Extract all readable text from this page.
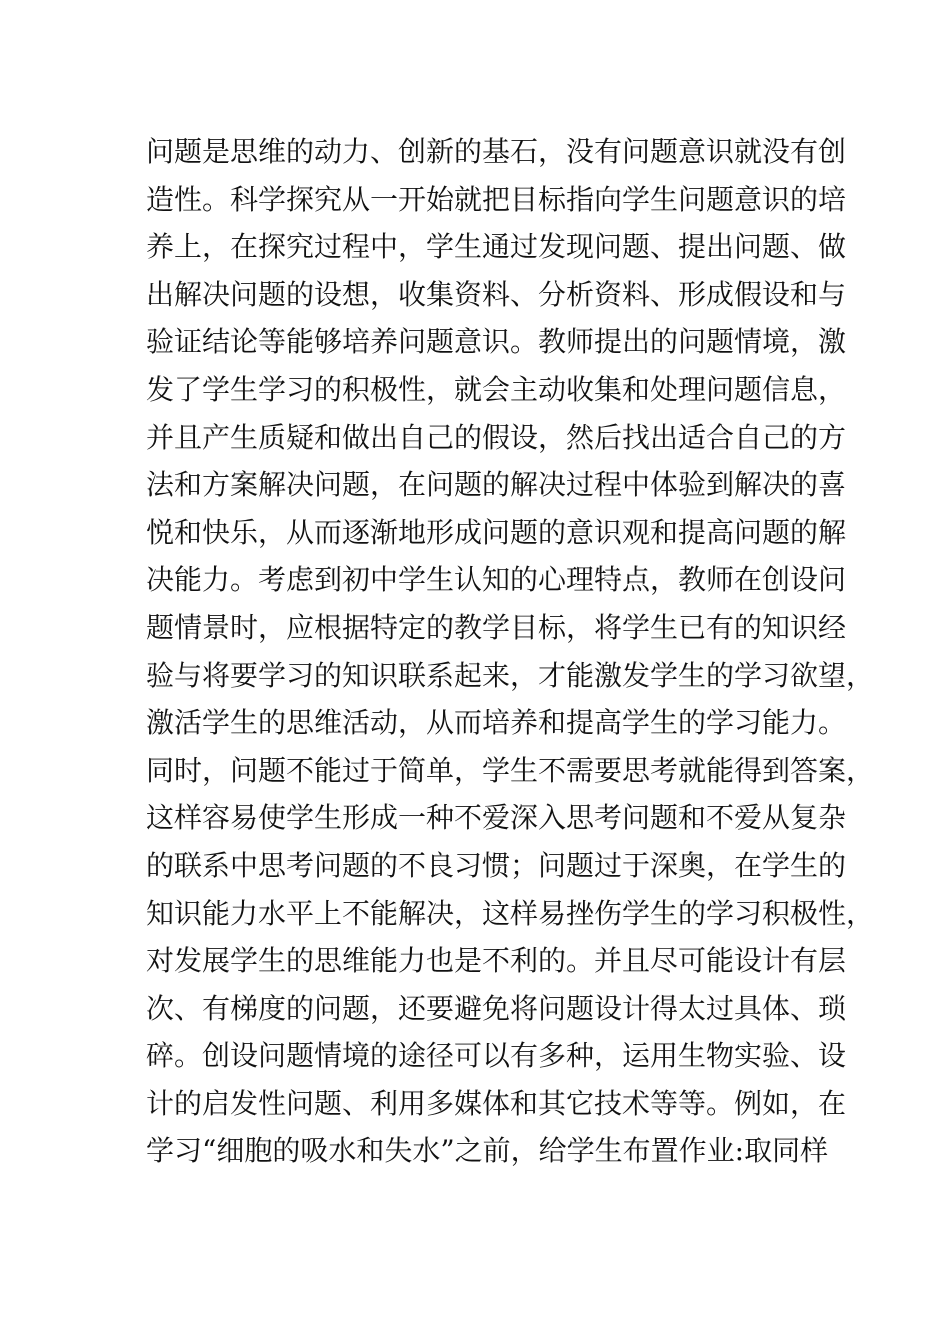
问题是思维的动力、创新的基石，没有问题意识就没有创
造性。科学探究从一开始就把目标指向学生问题意识的培
养上，在探究过程中，学生通过发现问题、提出问题、做
出解决问题的设想，收集资料、分析资料、形成假设和与
验证结论等能够培养问题意识。教师提出的问题情境，激
发了学生学习的积极性，就会主动收集和处理问题信息，
并且产生质疑和做出自己的假设，然后找出适合自己的方
法和方案解决问题，在问题的解决过程中体验到解决的喜
悦和快乐，从而逐渐地形成问题的意识观和提高问题的解
决能力。考虑到初中学生认知的心理特点，教师在创设问
题情景时，应根据特定的教学目标，将学生已有的知识经
验与将要学习的知识联系起来，才能激发学生的学习欲望，
激活学生的思维活动，从而培养和提高学生的学习能力。
同时，问题不能过于简单，学生不需要思考就能得到答案，
这样容易使学生形成一种不爱深入思考问题和不爱从复杂
的联系中思考问题的不良习惯；问题过于深奥，在学生的
知识能力水平上不能解决，这样易挫伤学生的学习积极性，
对发展学生的思维能力也是不利的。并且尽可能设计有层
次、有梯度的问题，还要避免将问题设计得太过具体、琐
碎。创设问题情境的途径可以有多种，运用生物实验、设
计的启发性问题、利用多媒体和其它技术等等。例如，在
学习“细胞的吸水和失水”之前，给学生布置作业:取同样
